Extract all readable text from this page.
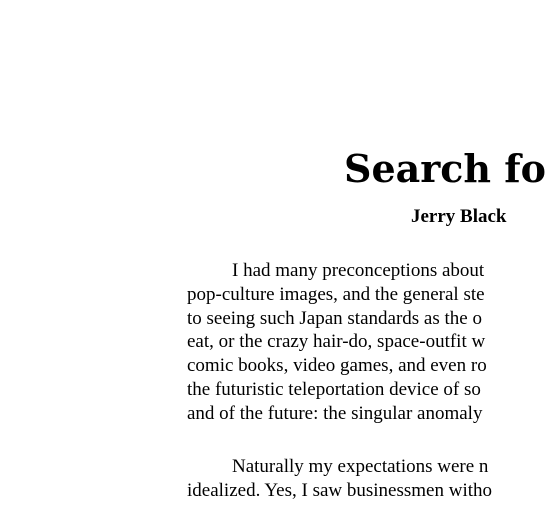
Search fo
Jerry Black
I had many preconceptions about
pop-culture images, and the general ste
to seeing such Japan standards as the o
eat, or the crazy hair-do, space-outfit w
comic books, video games, and even ro
the futuristic teleportation device of so
and of the future: the singular anomaly
Naturally my expectations were n
idealized. Yes, I saw businessmen witho
